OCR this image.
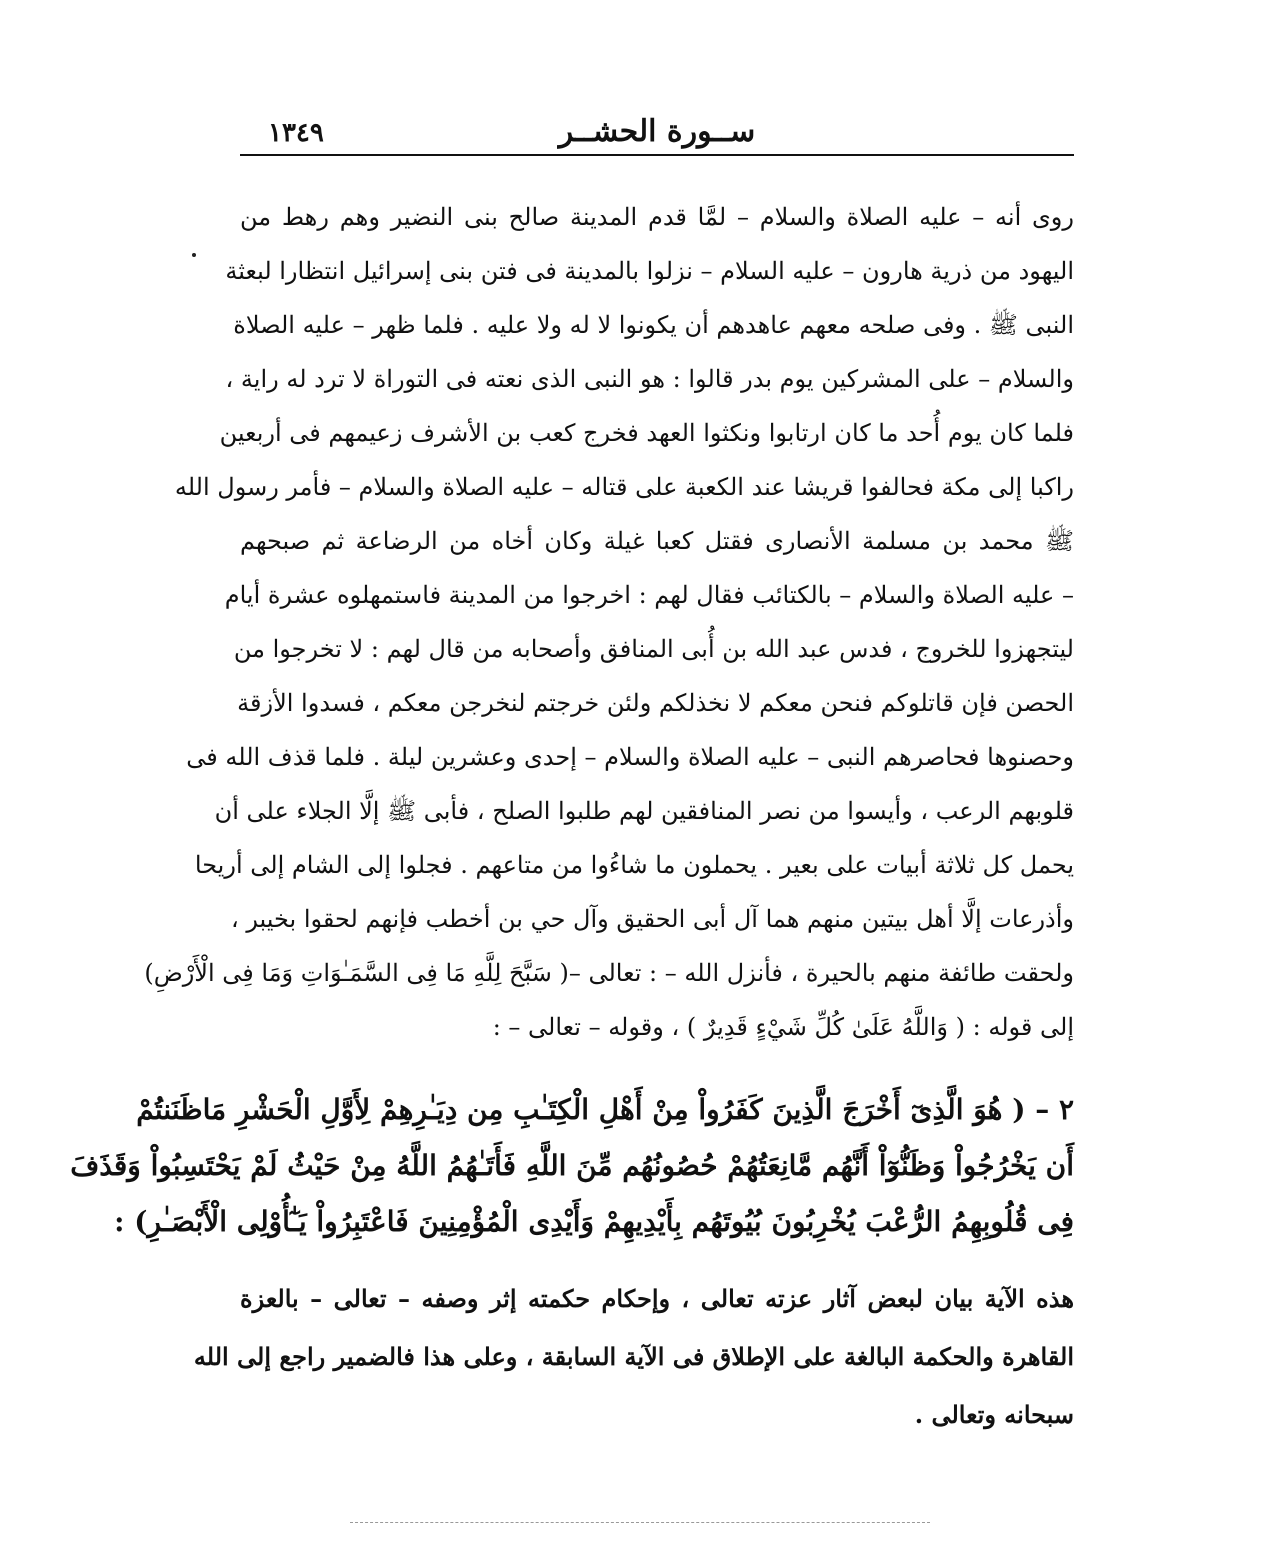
١٣٤٩	ســورة الحشــر
روى أنه – عليه الصلاة والسلام – لمَّا قدم المدينة صالح بنى النضير وهم رهط من
اليهود من ذرية هارون – عليه السلام – نزلوا بالمدينة فى فتن بنى إسرائيل انتظارا لبعثة
النبى ﷺ . وفى صلحه معهم عاهدهم أن يكونوا لا له ولا عليه . فلما ظهر – عليه الصلاة
والسلام – على المشركين يوم بدر قالوا : هو النبى الذى نعته فى التوراة لا ترد له راية ،
فلما كان يوم أُحد ما كان ارتابوا ونكثوا العهد فخرج كعب بن الأشرف زعيمهم فى أربعين
راكبا إلى مكة فحالفوا قريشا عند الكعبة على قتاله – عليه الصلاة والسلام – فأمر رسول الله
ﷺ محمد بن مسلمة الأنصارى فقتل كعبا غيلة وكان أخاه من الرضاعة ثم صبحهم
– عليه الصلاة والسلام – بالكتائب فقال لهم : اخرجوا من المدينة فاستمهلوه عشرة أيام
ليتجهزوا للخروج ، فدس عبد الله بن أُبى المنافق وأصحابه من قال لهم : لا تخرجوا من
الحصن فإن قاتلوكم فنحن معكم لا نخذلكم ولئن خرجتم لنخرجن معكم ، فسدوا الأزقة
وحصنوها فحاصرهم النبى – عليه الصلاة والسلام – إحدى وعشرين ليلة . فلما قذف الله فى
قلوبهم الرعب ، وأيسوا من نصر المنافقين لهم طلبوا الصلح ، فأبى ﷺ إلَّا الجلاء على أن
يحمل كل ثلاثة أبيات على بعير . يحملون ما شاءُوا من متاعهم . فجلوا إلى الشام إلى أريحا
وأذرعات إلَّا أهل بيتين منهم هما آل أبى الحقيق وآل حي بن أخطب فإنهم لحقوا بخيبر ،
ولحقت طائفة منهم بالحيرة ، فأنزل الله – : تعالى –( سَبَّحَ لِلَّهِ مَا فِى السَّمَـٰوَاتِ وَمَا فِى الْأَرْضِ)
إلى قوله : ( وَاللَّهُ عَلَىٰ كُلِّ شَيْءٍ قَدِيرٌ ) ، وقوله – تعالى – :
٢ – ( هُوَ الَّذِىٓ أَخْرَجَ الَّذِينَ كَفَرُواْ مِنْ أَهْلِ الْكِتَـٰبِ مِن دِيَـٰرِهِمْ لِأَوَّلِ الْحَشْرِ مَاظَنَنتُمْ
أَن يَخْرُجُواْ وَظَنُّوٓاْ أَنَّهُم مَّانِعَتُهُمْ حُصُونُهُم مِّنَ اللَّهِ فَأَتَـٰهُمُ اللَّهُ مِنْ حَيْثُ لَمْ يَحْتَسِبُواْ وَقَذَفَ
فِى قُلُوبِهِمُ الرُّعْبَ يُخْرِبُونَ بُيُوتَهُم بِأَيْدِيهِمْ وَأَيْدِى الْمُؤْمِنِينَ فَاعْتَبِرُواْ يَـٰٓأُوْلِى الْأَبْصَـٰرِ) :
هذه الآية بيان لبعض آثار عزته تعالى ، وإحكام حكمته إثر وصفه – تعالى – بالعزة
القاهرة والحكمة البالغة على الإطلاق فى الآية السابقة ، وعلى هذا فالضمير راجع إلى الله
سبحانه وتعالى .
